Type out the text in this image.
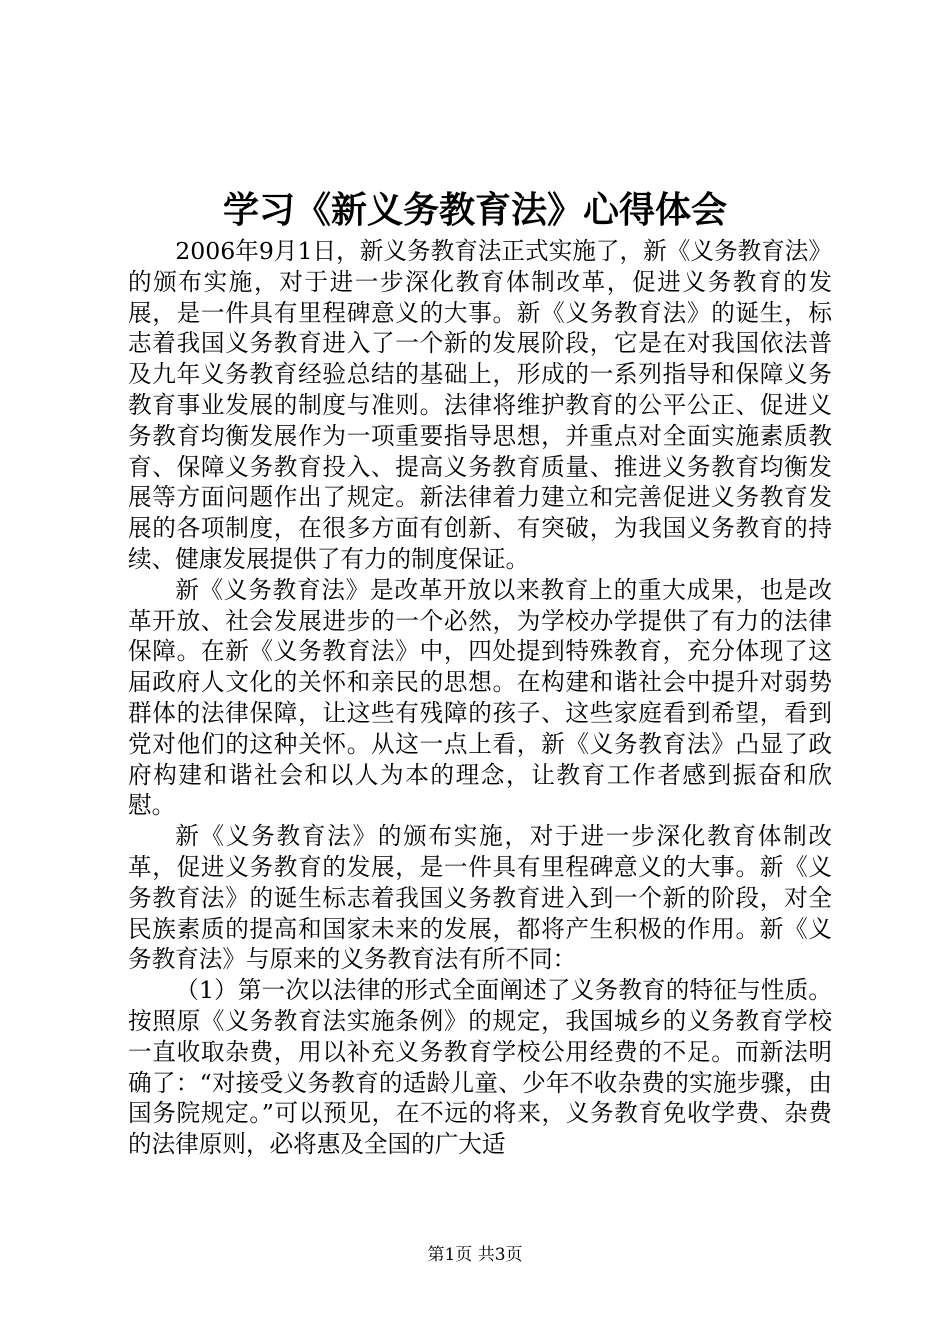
学习《新义务教育法》心得体会

2006年9月1日，新义务教育法正式实施了，新《义务教育法》的颁布实施，对于进一步深化教育体制改革，促进义务教育的发展，是一件具有里程碑意义的大事。新《义务教育法》的诞生，标志着我国义务教育进入了一个新的发展阶段，它是在对我国依法普及九年义务教育经验总结的基础上，形成的一系列指导和保障义务教育事业发展的制度与准则。法律将维护教育的公平公正、促进义务教育均衡发展作为一项重要指导思想，并重点对全面实施素质教育、保障义务教育投入、提高义务教育质量、推进义务教育均衡发展等方面问题作出了规定。新法律着力建立和完善促进义务教育发展的各项制度，在很多方面有创新、有突破，为我国义务教育的持续、健康发展提供了有力的制度保证。

新《义务教育法》是改革开放以来教育上的重大成果，也是改革开放、社会发展进步的一个必然，为学校办学提供了有力的法律保障。在新《义务教育法》中，四处提到特殊教育，充分体现了这届政府人文化的关怀和亲民的思想。在构建和谐社会中提升对弱势群体的法律保障，让这些有残障的孩子、这些家庭看到希望，看到党对他们的这种关怀。从这一点上看，新《义务教育法》凸显了政府构建和谐社会和以人为本的理念，让教育工作者感到振奋和欣慰。

新《义务教育法》的颁布实施，对于进一步深化教育体制改革，促进义务教育的发展，是一件具有里程碑意义的大事。新《义务教育法》的诞生标志着我国义务教育进入到一个新的阶段，对全民族素质的提高和国家未来的发展，都将产生积极的作用。新《义务教育法》与原来的义务教育法有所不同：

（1）第一次以法律的形式全面阐述了义务教育的特征与性质。按照原《义务教育法实施条例》的规定，我国城乡的义务教育学校一直收取杂费，用以补充义务教育学校公用经费的不足。而新法明确了：“对接受义务教育的适龄儿童、少年不收杂费的实施步骤，由国务院规定。”可以预见，在不远的将来，义务教育免收学费、杂费的法律原则，必将惠及全国的广大适

第1页 共3页
